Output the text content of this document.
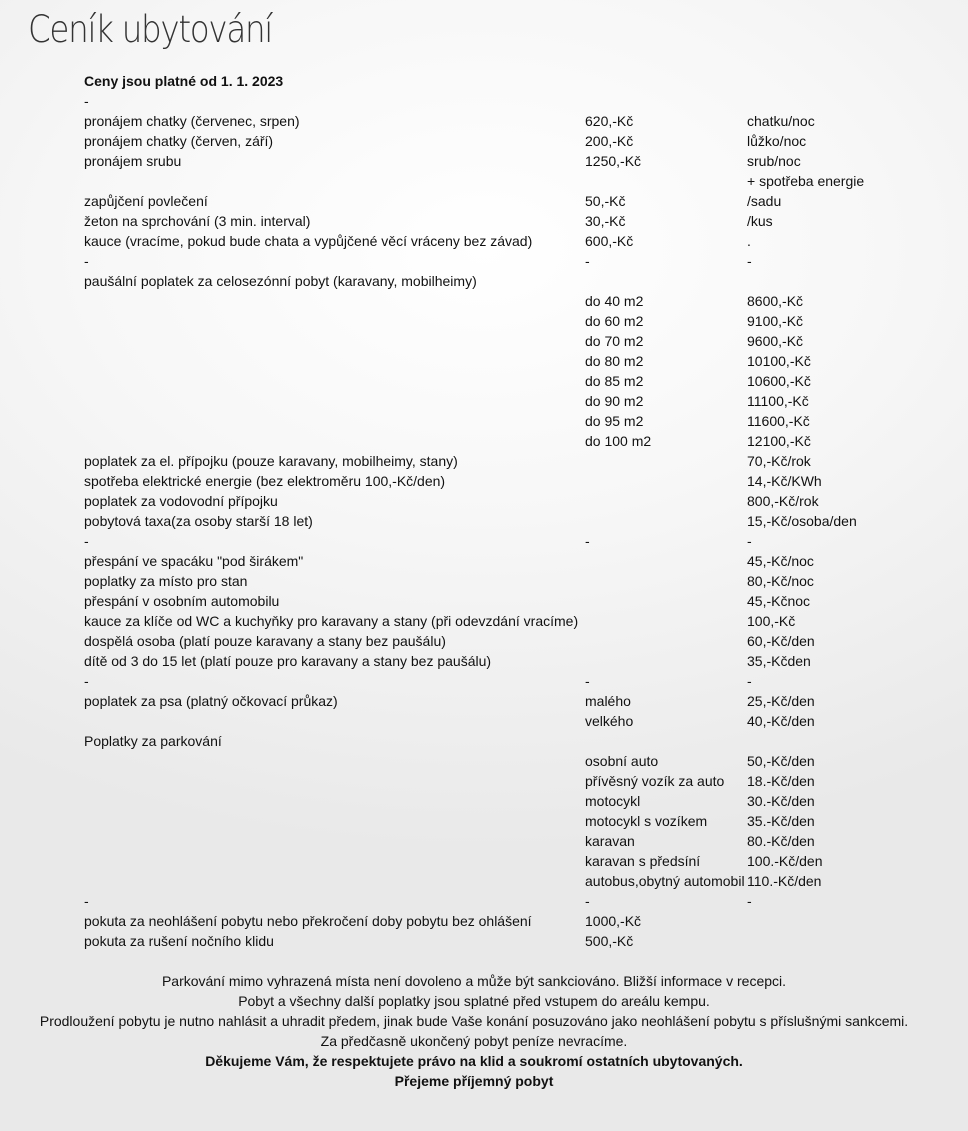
Ceník ubytování
Ceny jsou platné od 1. 1. 2023		
-		
pronájem chatky (červenec, srpen)	620,-Kč	chatku/noc
pronájem chatky (červen, září)	200,-Kč	lůžko/noc
pronájem srubu	1250,-Kč	srub/noc
		+ spotřeba energie
zapůjčení povlečení	50,-Kč	/sadu
žeton na sprchování (3 min. interval)	30,-Kč	/kus
kauce (vracíme, pokud bude chata a vypůjčené věcí vráceny bez závad)	600,-Kč	.
-	-	-
paušální poplatek za celosezónní pobyt (karavany, mobilheimy)		
	do 40 m2	8600,-Kč
	do 60 m2	9100,-Kč
	do 70 m2	9600,-Kč
	do 80 m2	10100,-Kč
	do 85 m2	10600,-Kč
	do 90 m2	11100,-Kč
	do 95 m2	11600,-Kč
	do 100 m2	12100,-Kč
poplatek za el. přípojku (pouze karavany, mobilheimy, stany)		70,-Kč/rok
spotřeba elektrické energie (bez elektroměru 100,-Kč/den)		14,-Kč/KWh
poplatek za vodovodní přípojku		800,-Kč/rok
pobytová taxa(za osoby starší 18 let)		15,-Kč/osoba/den
-	-	-
přespání ve spacáku "pod širákem"		45,-Kč/noc
poplatky za místo pro stan		80,-Kč/noc
přespání v osobním automobilu		45,-Kčnoc
kauce za klíče od WC a kuchyňky pro karavany a stany (při odevzdání vracíme)		100,-Kč
dospělá osoba (platí pouze karavany a stany bez paušálu)		60,-Kč/den
dítě od 3 do 15 let (platí pouze pro karavany a stany bez paušálu)		35,-Kčden
-	-	-
poplatek za psa (platný očkovací průkaz)	malého	25,-Kč/den
	velkého	40,-Kč/den
Poplatky za parkování		
	osobní auto	50,-Kč/den
	přívěsný vozík za auto	18.-Kč/den
	motocykl	30.-Kč/den
	motocykl s vozíkem	35.-Kč/den
	karavan	80.-Kč/den
	karavan s předsíní	100.-Kč/den
	autobus,obytný automobil	110.-Kč/den
-	-	-
pokuta za neohlášení pobytu nebo překročení doby pobytu bez ohlášení	1000,-Kč	
pokuta za rušení nočního klidu	500,-Kč	

Parkování mimo vyhrazená místa není dovoleno a může být sankciováno. Bližší informace v recepci.

Pobyt a všechny další poplatky jsou splatné před vstupem do areálu kempu.

Prodloužení pobytu je nutno nahlásit a uhradit předem, jinak bude Vaše konání posuzováno jako neohlášení pobytu s příslušnými sankcemi.

Za předčasně ukončený pobyt peníze nevracíme.

Děkujeme Vám, že respektujete právo na klid a soukromí ostatních ubytovaných.

Přejeme příjemný pobyt
